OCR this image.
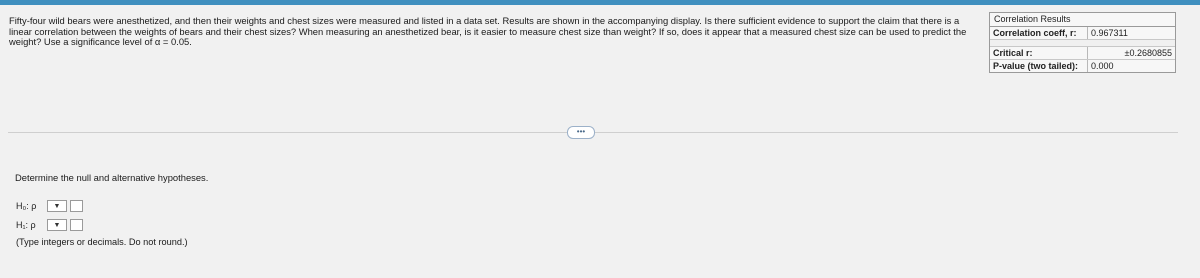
Fifty-four wild bears were anesthetized, and then their weights and chest sizes were measured and listed in a data set. Results are shown in the accompanying display. Is there sufficient evidence to support the claim that there is a linear correlation between the weights of bears and their chest sizes? When measuring an anesthetized bear, is it easier to measure chest size than weight? If so, does it appear that a measured chest size can be used to predict the weight? Use a significance level of α = 0.05.
Correlation Results
Correlation coeff, r:	0.967311
Critical r:	±0.2680855
P-value (two tailed):	0.000
•••
Determine the null and alternative hypotheses.
H₀: ρ	▼
H₁: ρ	▼
(Type integers or decimals. Do not round.)
